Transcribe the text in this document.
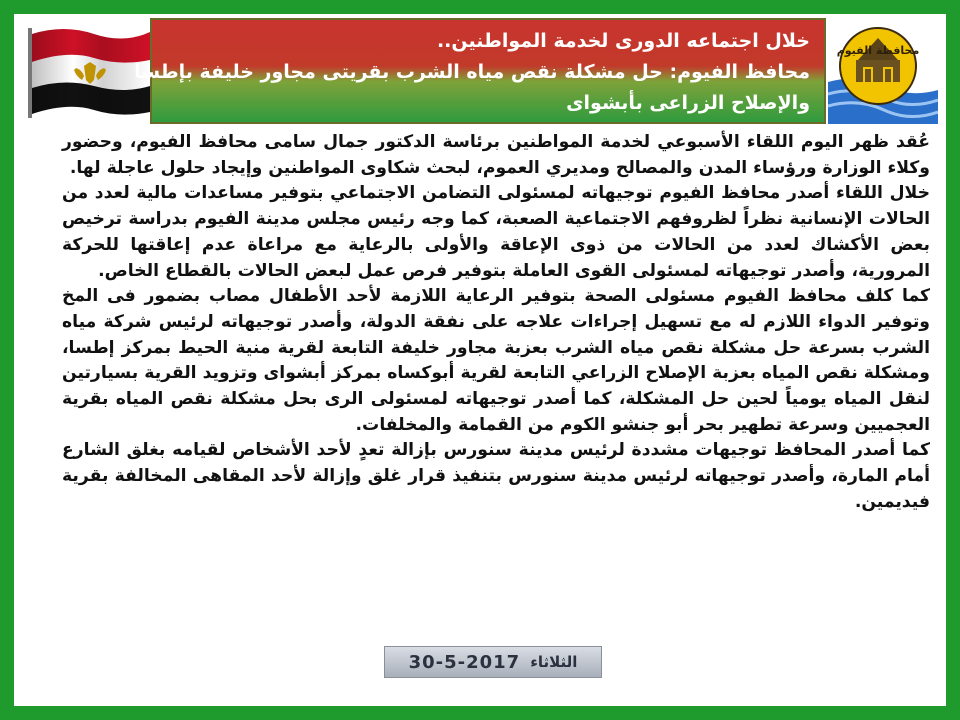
خلال اجتماعه الدورى لخدمة المواطنين..
محافظ الفيوم: حل مشكلة نقص مياه الشرب بقريتى مجاور خليفة بإطسا
والإصلاح الزراعى بأبشواى
محافظة الفيوم

عُقد ظهر اليوم اللقاء الأسبوعي لخدمة المواطنين برئاسة الدكتور جمال سامى محافظ الفيوم، وحضور وكلاء الوزارة ورؤساء المدن والمصالح ومديري العموم، لبحث شكاوى المواطنين وإيجاد حلول عاجلة لها.

خلال اللقاء أصدر محافظ الفيوم توجيهاته لمسئولى التضامن الاجتماعي بتوفير مساعدات مالية لعدد من الحالات الإنسانية نظراً لظروفهم الاجتماعية الصعبة، كما وجه رئيس مجلس مدينة الفيوم بدراسة ترخيص بعض الأكشاك لعدد من الحالات من ذوى الإعاقة والأولى بالرعاية مع مراعاة عدم إعاقتها للحركة المرورية، وأصدر توجيهاته لمسئولى القوى العاملة بتوفير فرص عمل لبعض الحالات بالقطاع الخاص.

كما كلف محافظ الفيوم مسئولى الصحة بتوفير الرعاية اللازمة لأحد الأطفال مصاب بضمور فى المخ وتوفير الدواء اللازم له مع تسهيل إجراءات علاجه على نفقة الدولة، وأصدر توجيهاته لرئيس شركة مياه الشرب بسرعة حل مشكلة نقص مياه الشرب بعزبة مجاور خليفة التابعة لقرية منية الحيط بمركز إطسا، ومشكلة نقص المياه بعزبة الإصلاح الزراعي التابعة لقرية أبوكساه بمركز أبشواى وتزويد القرية بسيارتين لنقل المياه يومياً لحين حل المشكلة، كما أصدر توجيهاته لمسئولى الرى بحل مشكلة نقص المياه بقرية العجميين وسرعة تطهير بحر أبو جنشو الكوم من القمامة والمخلفات.

كما أصدر المحافظ توجيهات مشددة لرئيس مدينة سنورس بإزالة تعدٍ لأحد الأشخاص لقيامه بغلق الشارع أمام المارة، وأصدر توجيهاته لرئيس مدينة سنورس بتنفيذ قرار غلق وإزالة لأحد المقاهى المخالفة بقرية فيديمين.

الثلاثاء
30-5-2017
